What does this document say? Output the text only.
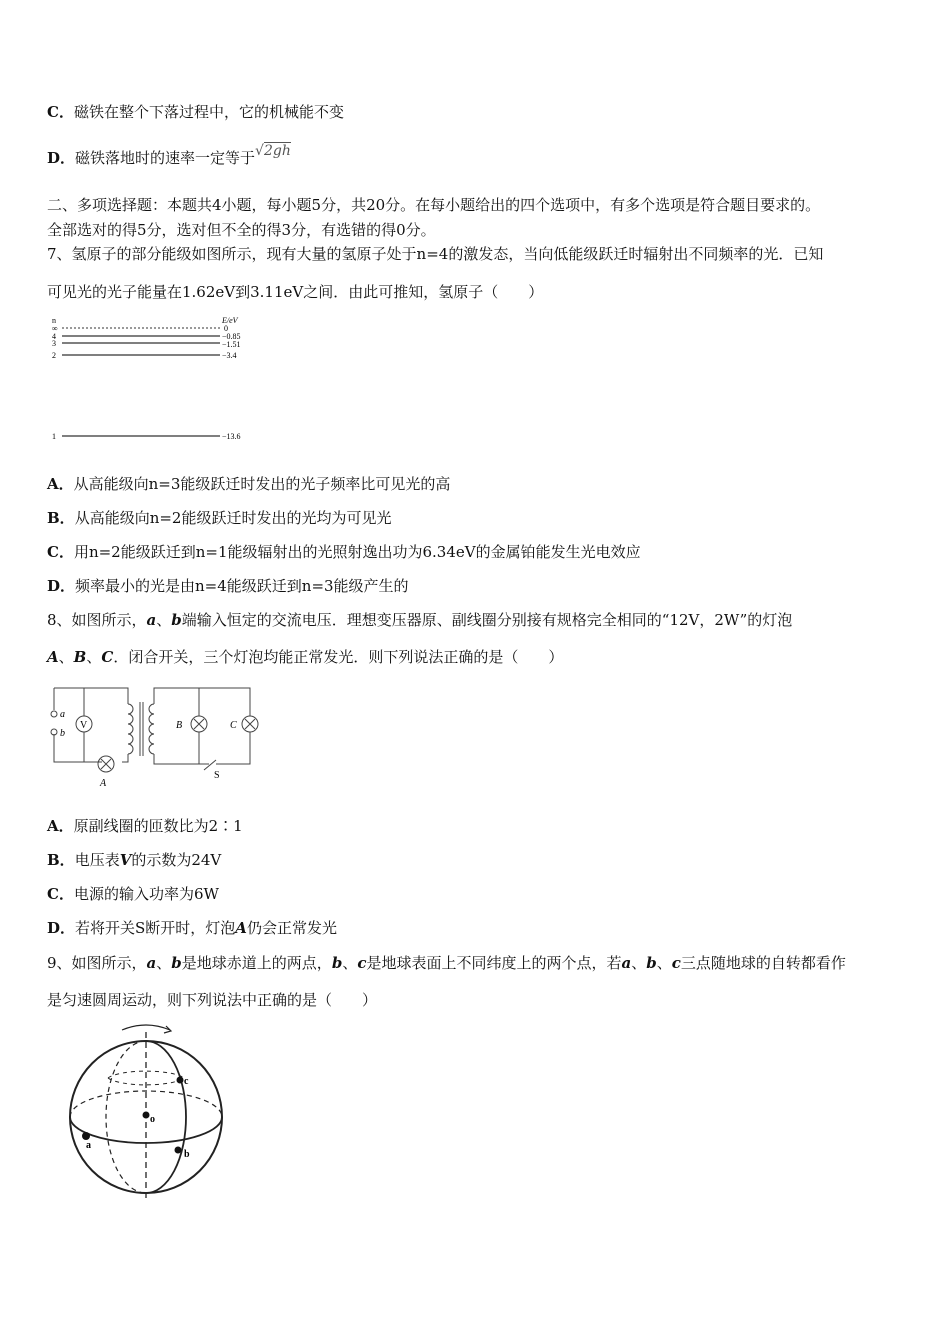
C．磁铁在整个下落过程中，它的机械能不变
D．磁铁落地时的速率一定等于√2gh
二、多项选择题：本题共4小题，每小题5分，共20分。在每小题给出的四个选项中，有多个选项是符合题目要求的。
全部选对的得5分，选对但不全的得3分，有选错的得0分。
7、氢原子的部分能级如图所示，现有大量的氢原子处于n=4的激发态，当向低能级跃迁时辐射出不同频率的光．已知
可见光的光子能量在1.62eV到3.11eV之间．由此可推知，氢原子（　　）
n	E/eV
∞	0
4	−0.85
3	−1.51
2	−3.4
1	−13.6
A．从高能级向n=3能级跃迁时发出的光子频率比可见光的高
B．从高能级向n=2能级跃迁时发出的光均为可见光
C．用n=2能级跃迁到n=1能级辐射出的光照射逸出功为6.34eV的金属铂能发生光电效应
D．频率最小的光是由n=4能级跃迁到n=3能级产生的
8、如图所示，a、b端输入恒定的交流电压．理想变压器原、副线圈分别接有规格完全相同的“12V，2W”的灯泡
A、B、C．闭合开关，三个灯泡均能正常发光．则下列说法正确的是（　　）
a
b
V
A
B	C
S
A．原副线圈的匝数比为2∶1
B．电压表V的示数为24V
C．电源的输入功率为6W
D．若将开关S断开时，灯泡A仍会正常发光
9、如图所示，a、b是地球赤道上的两点，b、c是地球表面上不同纬度上的两个点，若a、b、c三点随地球的自转都看作
是匀速圆周运动，则下列说法中正确的是（　　）
c
o
a
b
